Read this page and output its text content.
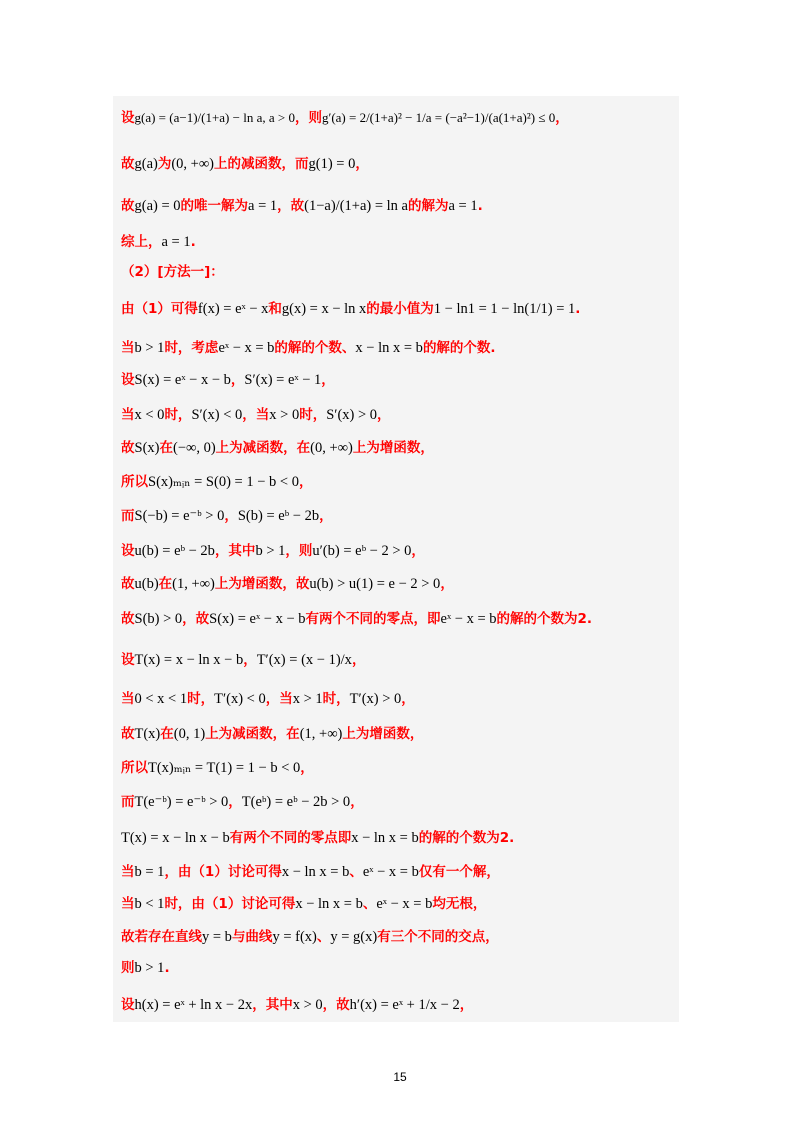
设g(a) = (a−1)/(1+a) − ln a, a > 0，则g′(a) = 2/(1+a)² − 1/a = (−a²−1)/(a(1+a)²) ≤ 0，
故g(a)为(0, +∞)上的减函数，而g(1) = 0，
故g(a) = 0的唯一解为a = 1，故(1−a)/(1+a) = ln a的解为a = 1.
综上，a = 1.
（2）[方法一]：
由（1）可得f(x) = eˣ − x和g(x) = x − ln x的最小值为1 − ln1 = 1 − ln(1/1) = 1.
当b > 1时，考虑eˣ − x = b的解的个数、x − ln x = b的解的个数.
设S(x) = eˣ − x − b，S′(x) = eˣ − 1，
当x < 0时，S′(x) < 0，当x > 0时，S′(x) > 0，
故S(x)在(−∞, 0)上为减函数，在(0, +∞)上为增函数，
所以S(x)ₘᵢₙ = S(0) = 1 − b < 0，
而S(−b) = e⁻ᵇ > 0，S(b) = eᵇ − 2b，
设u(b) = eᵇ − 2b，其中b > 1，则u′(b) = eᵇ − 2 > 0，
故u(b)在(1, +∞)上为增函数，故u(b) > u(1) = e − 2 > 0，
故S(b) > 0，故S(x) = eˣ − x − b有两个不同的零点，即eˣ − x = b的解的个数为2.
设T(x) = x − ln x − b，T′(x) = (x − 1)/x，
当0 < x < 1时，T′(x) < 0，当x > 1时，T′(x) > 0，
故T(x)在(0, 1)上为减函数，在(1, +∞)上为增函数，
所以T(x)ₘᵢₙ = T(1) = 1 − b < 0，
而T(e⁻ᵇ) = e⁻ᵇ > 0，T(eᵇ) = eᵇ − 2b > 0，
T(x) = x − ln x − b有两个不同的零点即x − ln x = b的解的个数为2.
当b = 1，由（1）讨论可得x − ln x = b、eˣ − x = b仅有一个解，
当b < 1时，由（1）讨论可得x − ln x = b、eˣ − x = b均无根，
故若存在直线y = b与曲线y = f(x)、y = g(x)有三个不同的交点，
则b > 1.
设h(x) = eˣ + ln x − 2x，其中x > 0，故h′(x) = eˣ + 1/x − 2，
15
